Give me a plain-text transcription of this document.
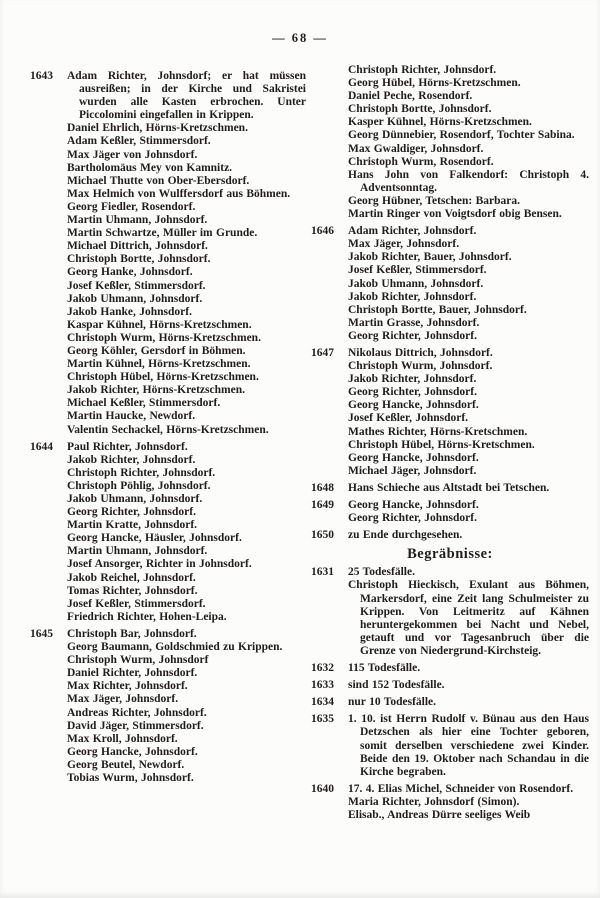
— 68 —
1643	Adam Richter, Johnsdorf; er hat müssen ausreißen; in der Kirche und Sakristei wurden alle Kasten erbrochen. Unter Piccolomini eingefallen in Krippen.
Daniel Ehrlich, Hörns-Kretzschmen.
Adam Keßler, Stimmersdorf.
Max Jäger von Johnsdorf.
Bartholomäus Mey von Kamnitz.
Michael Thutte von Ober-Ebersdorf.
Max Helmich von Wulffersdorf aus Böhmen.
Georg Fiedler, Rosendorf.
Martin Uhmann, Johnsdorf.
Martin Schwartze, Müller im Grunde.
Michael Dittrich, Johnsdorf.
Christoph Bortte, Johnsdorf.
Georg Hanke, Johnsdorf.
Josef Keßler, Stimmersdorf.
Jakob Uhmann, Johnsdorf.
Jakob Hanke, Johnsdorf.
Kaspar Kühnel, Hörns-Kretzschmen.
Christoph Wurm, Hörns-Kretzschmen.
Georg Köhler, Gersdorf in Böhmen.
Martin Kühnel, Hörns-Kretzschmen.
Christoph Hübel, Hörns-Kretzschmen.
Jakob Richter, Hörns-Kretzschmen.
Michael Keßler, Stimmersdorf.
Martin Haucke, Newdorf.
Valentin Sechackel, Hörns-Kretzschmen.
1644	Paul Richter, Johnsdorf.
Jakob Richter, Johnsdorf.
Christoph Richter, Johnsdorf.
Christoph Pöhlig, Johnsdorf.
Jakob Uhmann, Johnsdorf.
Georg Richter, Johnsdorf.
Martin Kratte, Johnsdorf.
Georg Hancke, Häusler, Johnsdorf.
Martin Uhmann, Johnsdorf.
Josef Ansorger, Richter in Johnsdorf.
Jakob Reichel, Johnsdorf.
Tomas Richter, Johnsdorf.
Josef Keßler, Stimmersdorf.
Friedrich Richter, Hohen-Leipa.
1645	Christoph Bar, Johnsdorf.
Georg Baumann, Goldschmied zu Krippen.
Christoph Wurm, Johnsdorf
Daniel Richter, Johnsdorf.
Max Richter, Johnsdorf.
Max Jäger, Johnsdorf.
Andreas Richter, Johnsdorf.
David Jäger, Stimmersdorf.
Max Kroll, Johnsdorf.
Georg Hancke, Johnsdorf.
Georg Beutel, Newdorf.
Tobias Wurm, Johnsdorf.
Christoph Richter, Johnsdorf.
Georg Hübel, Hörns-Kretzschmen.
Daniel Peche, Rosendorf.
Christoph Bortte, Johnsdorf.
Kasper Kühnel, Hörns-Kretzschmen.
Georg Dünnebier, Rosendorf, Tochter Sabina.
Max Gwaldiger, Johnsdorf.
Christoph Wurm, Rosendorf.
Hans John von Falkendorf: Christoph 4. Adventsonntag.
Georg Hübner, Tetschen: Barbara.
Martin Ringer von Voigtsdorf obig Bensen.
1646	Adam Richter, Johnsdorf.
Max Jäger, Johnsdorf.
Jakob Richter, Bauer, Johnsdorf.
Josef Keßler, Stimmersdorf.
Jakob Uhmann, Johnsdorf.
Jakob Richter, Johnsdorf.
Christoph Bortte, Bauer, Johnsdorf.
Martin Grasse, Johnsdorf.
Georg Richter, Johnsdorf.
1647	Nikolaus Dittrich, Johnsdorf.
Christoph Wurm, Johnsdorf.
Jakob Richter, Johnsdorf.
Georg Richter, Johnsdorf.
Georg Hancke, Johnsdorf.
Josef Keßler, Johnsdorf.
Mathes Richter, Hörns-Kretschmen.
Christoph Hübel, Hörns-Kretschmen.
Georg Hancke, Johnsdorf.
Michael Jäger, Johnsdorf.
1648	Hans Schieche aus Altstadt bei Tetschen.
1649	Georg Hancke, Johnsdorf.
Georg Richter, Johnsdorf.
1650	zu Ende durchgesehen.
Begräbnisse:
1631	25 Todesfälle.
Christoph Hieckisch, Exulant aus Böhmen, Markersdorf, eine Zeit lang Schulmeister zu Krippen. Von Leitmeritz auf Kähnen heruntergekommen bei Nacht und Nebel, getauft und vor Tagesanbruch über die Grenze von Niedergrund-Kirchsteig.
1632	115 Todesfälle.
1633	sind 152 Todesfälle.
1634	nur 10 Todesfälle.
1635	1. 10. ist Herrn Rudolf v. Bünau aus den Haus Detzschen als hier eine Tochter geboren, somit derselben verschiedene zwei Kinder. Beide den 19. Oktober nach Schandau in die Kirche begraben.
1640	17. 4. Elias Michel, Schneider von Rosendorf.
Maria Richter, Johnsdorf (Simon).
Elisab., Andreas Dürre seeliges Weib
